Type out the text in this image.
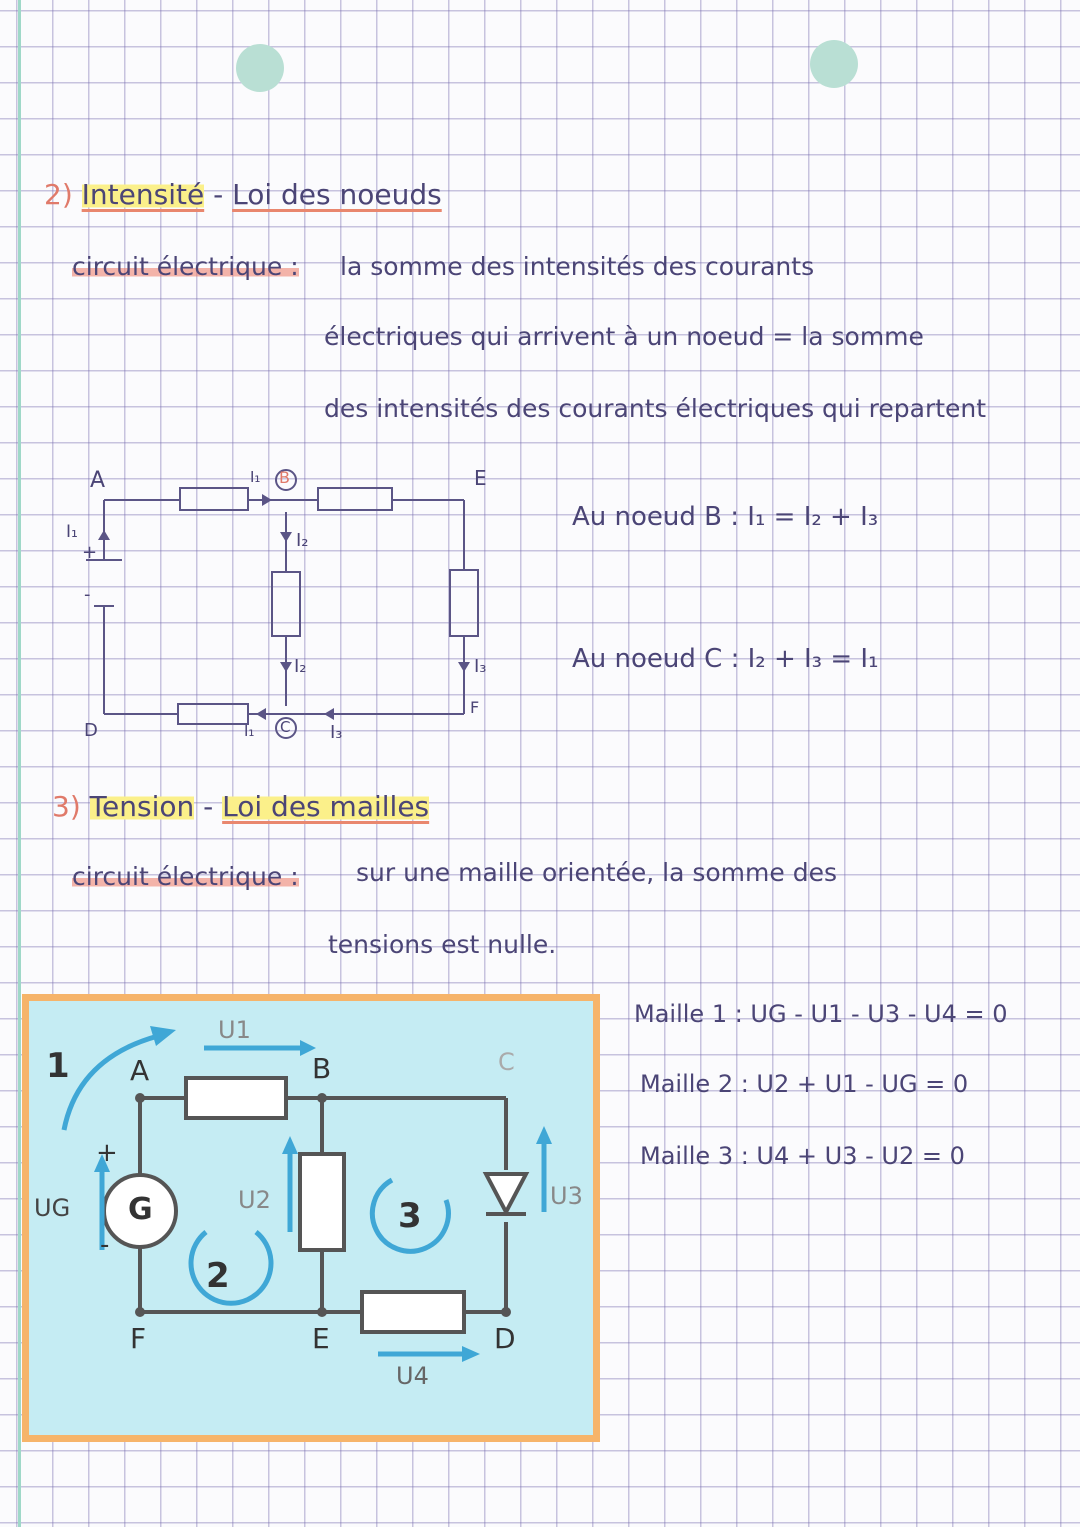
2) Intensité - Loi des noeuds
circuit électrique : la somme des intensités des courants
électriques qui arrivent à un noeud = la somme
des intensités des courants électriques qui repartent
A	B	E
D	C
F
I₁
I₂
I₂	I₃
I₁	I₃
I₁
+
-
Au noeud B : I₁ = I₂ + I₃
Au noeud C : I₂ + I₃ = I₁
3) Tension - Loi des mailles
circuit électrique : sur une maille orientée, la somme des
tensions est nulle.
1
2
3
A	B	C
D
E
F
G
+
-
UG
U1
U2	U3
U4
Maille 1 : UG - U1 - U3 - U4 = 0
Maille 2 : U2 + U1 - UG = 0
Maille 3 : U4 + U3 - U2 = 0
